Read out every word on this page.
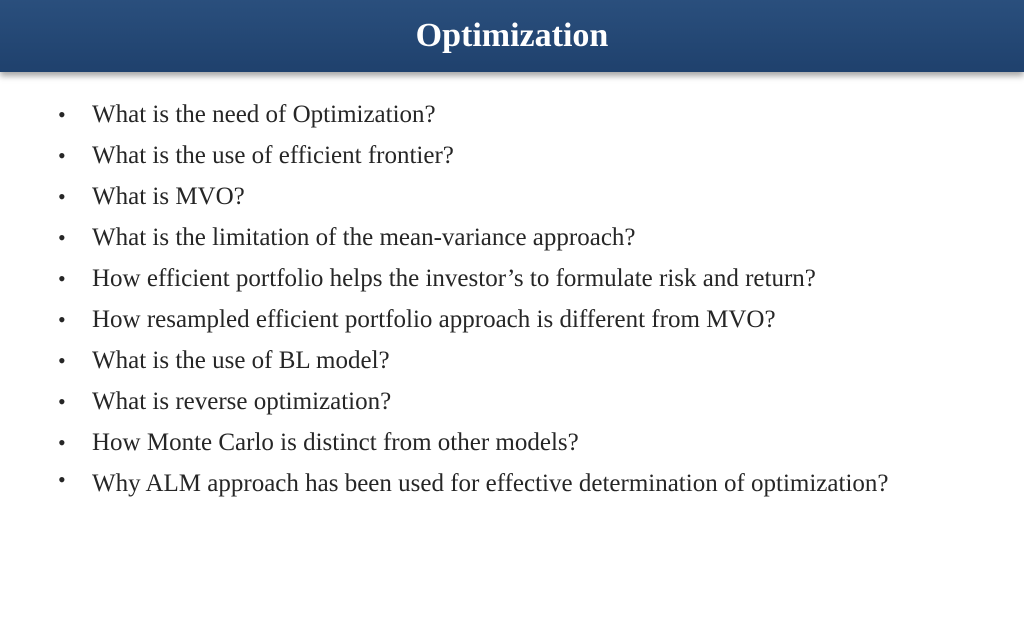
Optimization
• What is the need of Optimization?
• What is the use of efficient frontier?
• What is MVO?
• What is the limitation of the mean-variance approach?
• How efficient portfolio helps the investor’s to formulate risk and return?
• How resampled efficient portfolio approach is different from MVO?
• What is the use of BL model?
• What is reverse optimization?
• How Monte Carlo is distinct from other models?
• Why ALM approach has been used for effective determination of optimization?
